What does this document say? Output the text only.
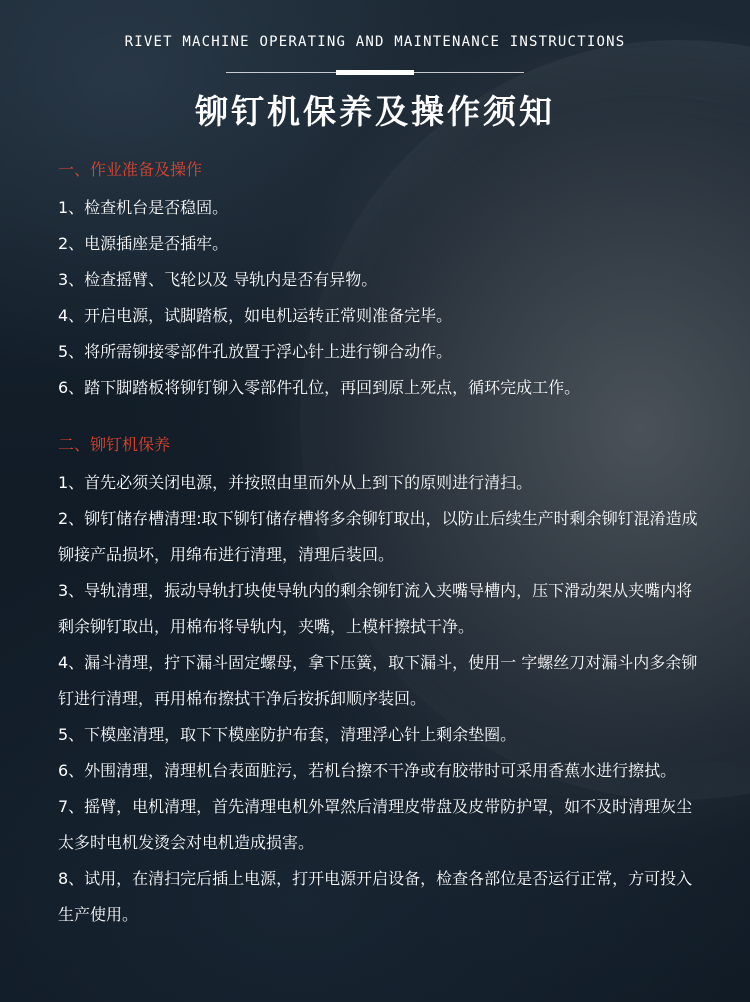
RIVET MACHINE OPERATING AND MAINTENANCE INSTRUCTIONS
铆钉机保养及操作须知

一、作业准备及操作

1、检查机台是否稳固。

2、电源插座是否插牢。

3、检查摇臂、飞轮以及 导轨内是否有异物。

4、开启电源，试脚踏板，如电机运转正常则准备完毕。

5、将所需铆接零部件孔放置于浮心针上进行铆合动作。

6、踏下脚踏板将铆钉铆入零部件孔位，再回到原上死点，循环完成工作。

二、铆钉机保养

1、首先必须关闭电源，并按照由里而外从上到下的原则进行清扫。

2、铆钉储存槽清理:取下铆钉储存槽将多余铆钉取出，以防止后续生产时剩余铆钉混淆造成铆接产品损坏，用绵布进行清理，清理后装回。

3、导轨清理，振动导轨打块使导轨内的剩余铆钉流入夹嘴导槽内，压下滑动架从夹嘴内将剩余铆钉取出，用棉布将导轨内，夹嘴，上模杆擦拭干净。

4、漏斗清理，拧下漏斗固定螺母，拿下压簧，取下漏斗，使用一 字螺丝刀对漏斗内多余铆钉进行清理，再用棉布擦拭干净后按拆卸顺序装回。

5、下模座清理，取下下模座防护布套，清理浮心针上剩余垫圈。

6、外围清理，清理机台表面脏污，若机台擦不干净或有胶带时可采用香蕉水进行擦拭。

7、摇臂，电机清理，首先清理电机外罩然后清理皮带盘及皮带防护罩，如不及时清理灰尘太多时电机发烫会对电机造成损害。

8、试用，在清扫完后插上电源，打开电源开启设备，检查各部位是否运行正常，方可投入生产使用。
